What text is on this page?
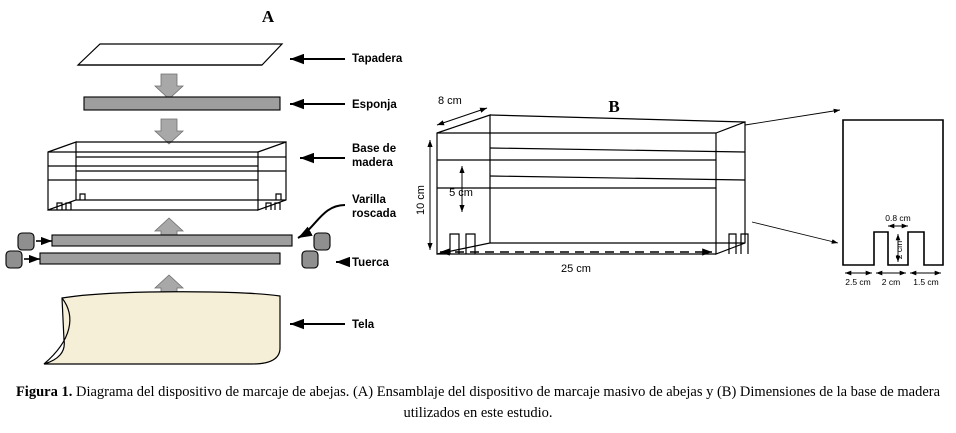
A
Tapadera
Esponja
Base de
madera
Varilla
roscada
Tuerca
Tela
B
8 cm
5 cm
10 cm
25 cm
0.8 cm
2 cm
2.5 cm 2 cm 1.5 cm
Figura 1. Diagrama del dispositivo de marcaje de abejas. (A) Ensamblaje del dispositivo de marcaje masivo de abejas y (B) Dimensiones de la base de madera utilizados en este estudio.
